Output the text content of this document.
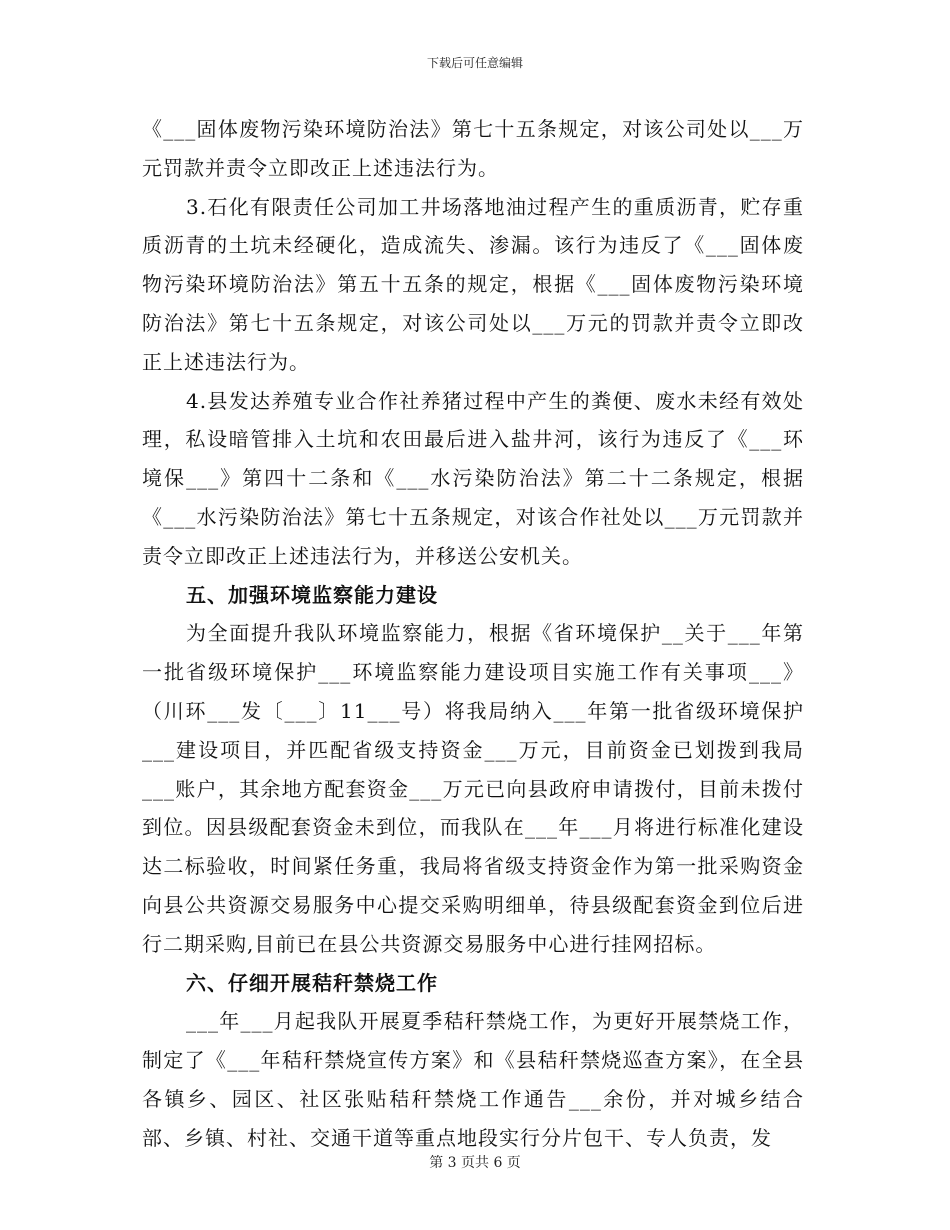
下载后可任意编辑

《___固体废物污染环境防治法》第七十五条规定，对该公司处以___万元罚款并责令立即改正上述违法行为。

3.石化有限责任公司加工井场落地油过程产生的重质沥青，贮存重质沥青的土坑未经硬化，造成流失、渗漏。该行为违反了《___固体废物污染环境防治法》第五十五条的规定，根据《___固体废物污染环境防治法》第七十五条规定，对该公司处以___万元的罚款并责令立即改正上述违法行为。

4.县发达养殖专业合作社养猪过程中产生的粪便、废水未经有效处理，私设暗管排入土坑和农田最后进入盐井河，该行为违反了《___环境保___》第四十二条和《___水污染防治法》第二十二条规定，根据《___水污染防治法》第七十五条规定，对该合作社处以___万元罚款并责令立即改正上述违法行为，并移送公安机关。

五、加强环境监察能力建设

为全面提升我队环境监察能力，根据《省环境保护__关于___年第一批省级环境保护___环境监察能力建设项目实施工作有关事项___》（川环___发〔___〕11___号）将我局纳入___年第一批省级环境保护___建设项目，并匹配省级支持资金___万元，目前资金已划拨到我局___账户，其余地方配套资金___万元已向县政府申请拨付，目前未拨付到位。因县级配套资金未到位，而我队在___年___月将进行标准化建设达二标验收，时间紧任务重，我局将省级支持资金作为第一批采购资金向县公共资源交易服务中心提交采购明细单，待县级配套资金到位后进行二期采购,目前已在县公共资源交易服务中心进行挂网招标。

六、仔细开展秸秆禁烧工作

___年___月起我队开展夏季秸秆禁烧工作，为更好开展禁烧工作，制定了《___年秸秆禁烧宣传方案》和《县秸秆禁烧巡查方案》，在全县各镇乡、园区、社区张贴秸秆禁烧工作通告___余份，并对城乡结合部、乡镇、村社、交通干道等重点地段实行分片包干、专人负责，发

第 3 页共 6 页
